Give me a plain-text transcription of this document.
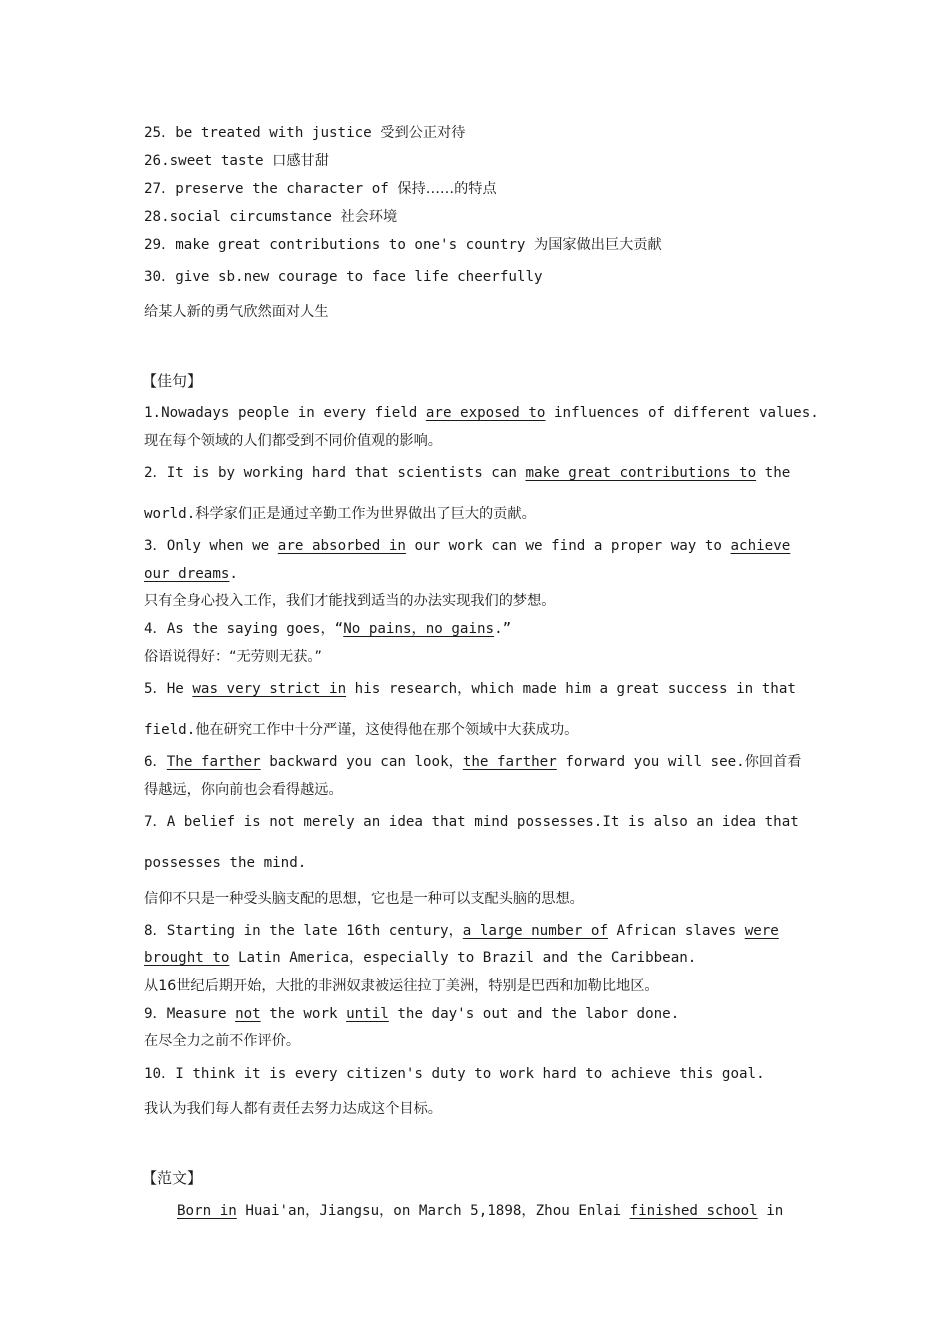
25．be treated with justice 受到公正对待
26.sweet taste 口感甘甜
27．preserve the character of 保持……的特点
28.social circumstance 社会环境
29．make great contributions to one's country 为国家做出巨大贡献
30．give sb.new courage to face life cheerfully
给某人新的勇气欣然面对人生
【佳句】
1.Nowadays people in every field are exposed to influences of different values.
现在每个领域的人们都受到不同价值观的影响。
2．It is by working hard that scientists can make great contributions to the
world.科学家们正是通过辛勤工作为世界做出了巨大的贡献。
3．Only when we are absorbed in our work can we find a proper way to achieve
our dreams.
只有全身心投入工作，我们才能找到适当的办法实现我们的梦想。
4．As the saying goes，“No pains，no gains.”
俗语说得好：“无劳则无获。”
5．He was very strict in his research，which made him a great success in that
field.他在研究工作中十分严谨，这使得他在那个领域中大获成功。
6．The farther backward you can look，the farther forward you will see.你回首看
得越远，你向前也会看得越远。
7．A belief is not merely an idea that mind possesses.It is also an idea that
possesses the mind.
信仰不只是一种受头脑支配的思想，它也是一种可以支配头脑的思想。
8．Starting in the late 16th century，a large number of African slaves were
brought to Latin America，especially to Brazil and the Caribbean.
从16世纪后期开始，大批的非洲奴隶被运往拉丁美洲，特别是巴西和加勒比地区。
9．Measure not the work until the day's out and the labor done.
在尽全力之前不作评价。
10．I think it is every citizen's duty to work hard to achieve this goal.
我认为我们每人都有责任去努力达成这个目标。
【范文】
Born in Huai'an，Jiangsu，on March 5,1898，Zhou Enlai finished school in
